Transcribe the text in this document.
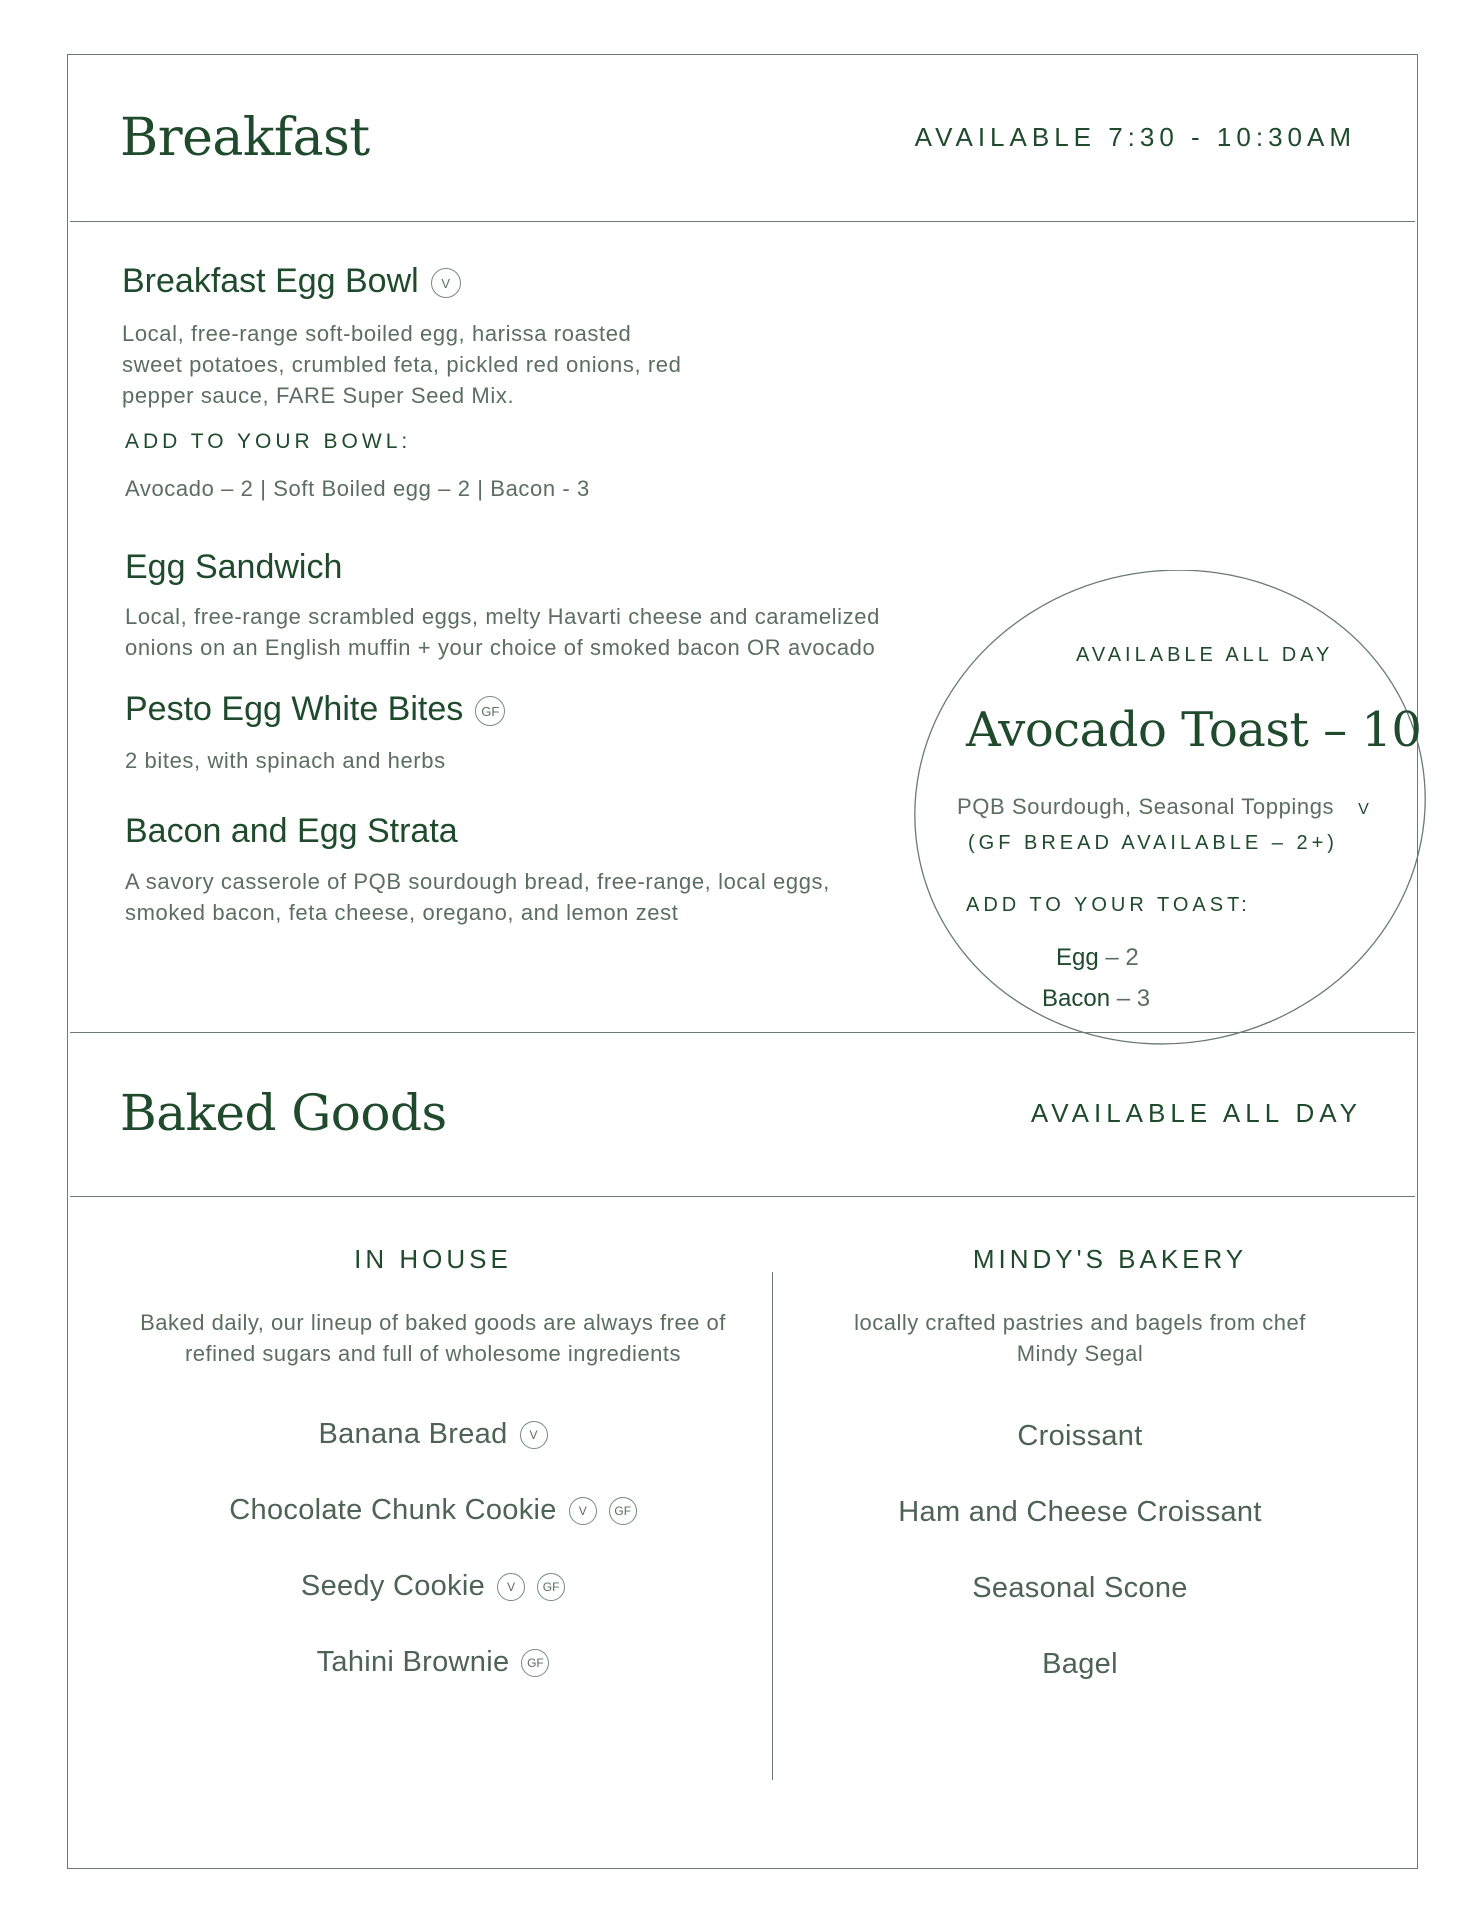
Breakfast	AVAILABLE 7:30 - 10:30AM
Breakfast Egg Bowl V
Local, free-range soft-boiled egg, harissa roasted sweet potatoes, crumbled feta, pickled red onions, red pepper sauce, FARE Super Seed Mix.
ADD TO YOUR BOWL:
Avocado – 2 | Soft Boiled egg – 2 | Bacon - 3
Egg Sandwich
Local, free-range scrambled eggs, melty Havarti cheese and caramelized onions on an English muffin + your choice of smoked bacon OR avocado
Pesto Egg White Bites GF
2 bites, with spinach and herbs
Bacon and Egg Strata
A savory casserole of PQB sourdough bread, free-range, local eggs, smoked bacon, feta cheese, oregano, and lemon zest
AVAILABLE ALL DAY
Avocado Toast – 10
PQB Sourdough, Seasonal Toppings V
(GF BREAD AVAILABLE – 2+)
ADD TO YOUR TOAST:
Egg – 2
Bacon – 3
Baked Goods	AVAILABLE ALL DAY
IN HOUSE
Baked daily, our lineup of baked goods are always free of refined sugars and full of wholesome ingredients
Banana Bread V
Chocolate Chunk Cookie V GF
Seedy Cookie V GF
Tahini Brownie GF
MINDY'S BAKERY
locally crafted pastries and bagels from chef Mindy Segal
Croissant
Ham and Cheese Croissant
Seasonal Scone
Bagel
